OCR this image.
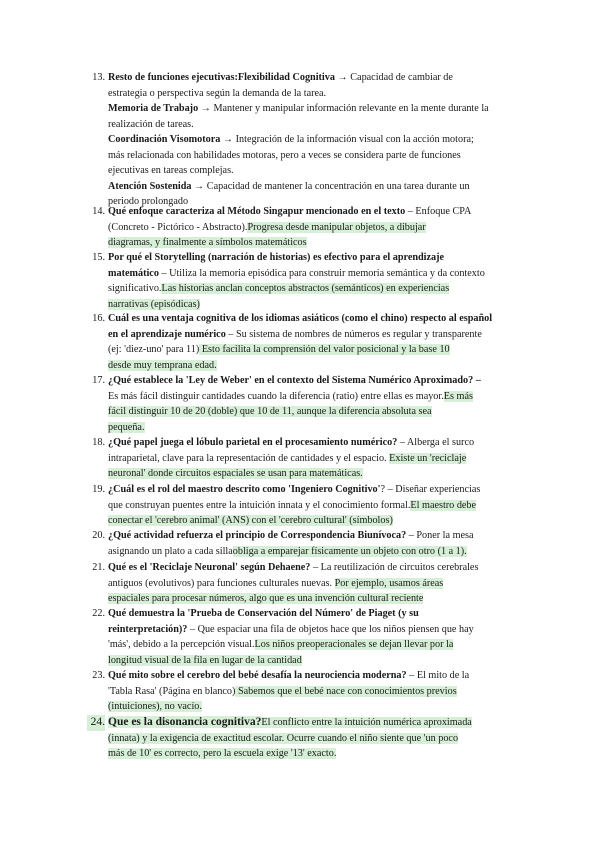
13. Resto de funciones ejecutivas:Flexibilidad Cognitiva → Capacidad de cambiar de
estrategia o perspectiva según la demanda de la tarea.
Memoria de Trabajo → Mantener y manipular información relevante en la mente durante la
realización de tareas.
Coordinación Visomotora → Integración de la información visual con la acción motora;
más relacionada con habilidades motoras, pero a veces se considera parte de funciones
ejecutivas en tareas complejas.
Atención Sostenida → Capacidad de mantener la concentración en una tarea durante un
periodo prolongado
14. Qué enfoque caracteriza al Método Singapur mencionado en el texto – Enfoque CPA
(Concreto - Pictórico - Abstracto).Progresa desde manipular objetos, a dibujar
diagramas, y finalmente a símbolos matemáticos
15. Por qué el Storytelling (narración de historias) es efectivo para el aprendizaje
matemático – Utiliza la memoria episódica para construir memoria semántica y da contexto
significativo.Las historias anclan conceptos abstractos (semánticos) en experiencias
narrativas (episódicas)
16. Cuál es una ventaja cognitiva de los idiomas asiáticos (como el chino) respecto al español
en el aprendizaje numérico – Su sistema de nombres de números es regular y transparente
(ej: 'diez-uno' para 11) Esto facilita la comprensión del valor posicional y la base 10
desde muy temprana edad.
17. ¿Qué establece la 'Ley de Weber' en el contexto del Sistema Numérico Aproximado? –
Es más fácil distinguir cantidades cuando la diferencia (ratio) entre ellas es mayor.Es más
fácil distinguir 10 de 20 (doble) que 10 de 11, aunque la diferencia absoluta sea
pequeña.
18. ¿Qué papel juega el lóbulo parietal en el procesamiento numérico? – Alberga el surco
intraparietal, clave para la representación de cantidades y el espacio. Existe un 'reciclaje
neuronal' donde circuitos espaciales se usan para matemáticas.
19. ¿Cuál es el rol del maestro descrito como 'Ingeniero Cognitivo'? – Diseñar experiencias
que construyan puentes entre la intuición innata y el conocimiento formal.El maestro debe
conectar el 'cerebro animal' (ANS) con el 'cerebro cultural' (símbolos)
20. ¿Qué actividad refuerza el principio de Correspondencia Biunívoca? – Poner la mesa
asignando un plato a cada sillaobliga a emparejar físicamente un objeto con otro (1 a 1).
21. Qué es el 'Reciclaje Neuronal' según Dehaene? – La reutilización de circuitos cerebrales
antiguos (evolutivos) para funciones culturales nuevas. Por ejemplo, usamos áreas
espaciales para procesar números, algo que es una invención cultural reciente
22. Qué demuestra la 'Prueba de Conservación del Número' de Piaget (y su
reinterpretación)? – Que espaciar una fila de objetos hace que los niños piensen que hay
'más', debido a la percepción visual.Los niños preoperacionales se dejan llevar por la
longitud visual de la fila en lugar de la cantidad
23. Qué mito sobre el cerebro del bebé desafía la neurociencia moderna? – El mito de la
'Tabla Rasa' (Página en blanco) Sabemos que el bebé nace con conocimientos previos
(intuiciones), no vacío.
24. Que es la disonancia cognitiva?El conflicto entre la intuición numérica aproximada
(innata) y la exigencia de exactitud escolar. Ocurre cuando el niño siente que 'un poco
más de 10' es correcto, pero la escuela exige '13' exacto.
